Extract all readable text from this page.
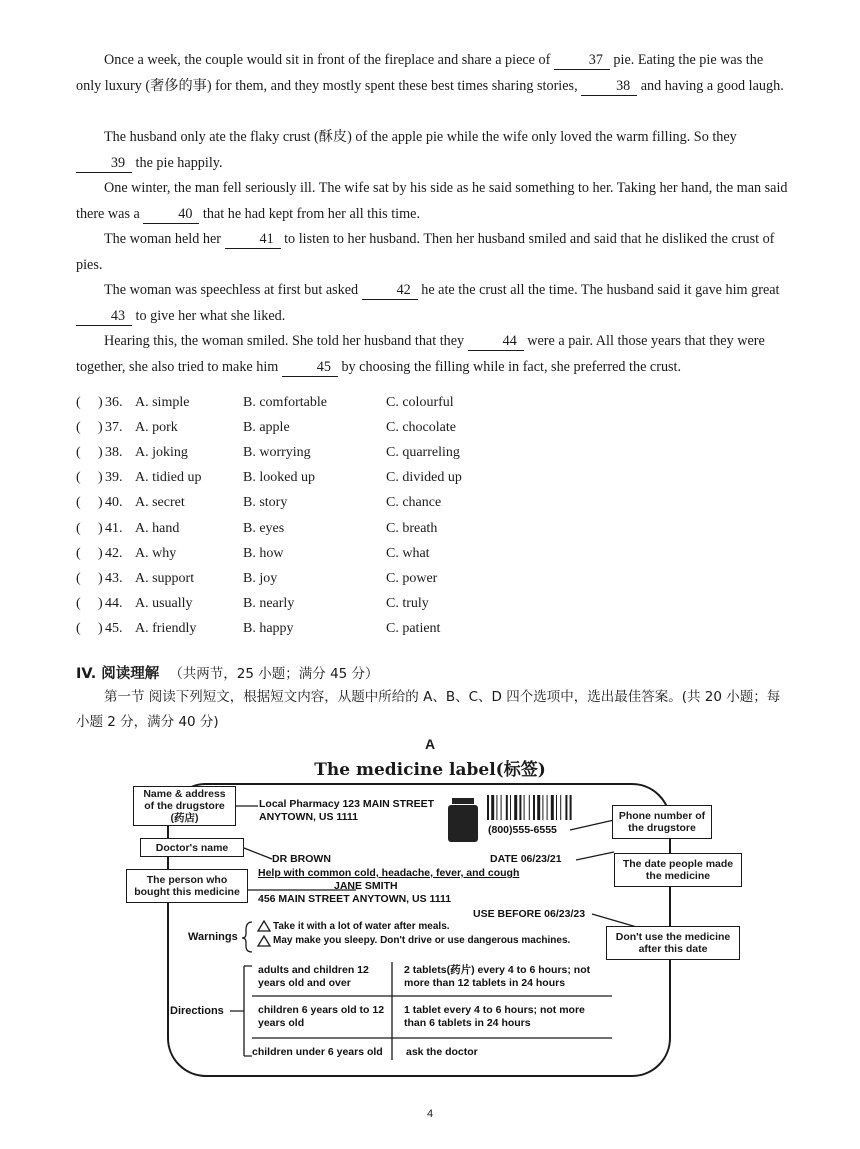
Once a week, the couple would sit in front of the fireplace and share a piece of	37 pie. Eating the pie was the only luxury (奢侈的事) for them, and they mostly spent these best times sharing stories,	38 and having a good laugh.

The husband only ate the flaky crust (酥皮) of the apple pie while the wife only loved the warm filling. So they 39 the pie happily.

One winter, the man fell seriously ill. The wife sat by his side as he said something to her. Taking her hand, the man said there was a	40 that he had kept from her all this time.

The woman held her	41 to listen to her husband. Then her husband smiled and said that he disliked the crust of pies.

The woman was speechless at first but asked	42 he ate the crust all the time. The husband said it gave him great 43 to give her what she liked.

Hearing this, the woman smiled. She told her husband that they	44 were a pair. All those years that they were together, she also tried to make him	45 by choosing the filling while in fact, she preferred the crust.

( ) 36. A. simple	B. comfortable	C. colourful
( ) 37. A. pork	B. apple	C. chocolate
( ) 38. A. joking	B. worrying	C. quarreling
( ) 39. A. tidied up	B. looked up	C. divided up
( ) 40. A. secret	B. story	C. chance
( ) 41. A. hand	B. eyes	C. breath
( ) 42. A. why	B. how	C. what
( ) 43. A. support	B. joy	C. power
( ) 44. A. usually	B. nearly	C. truly
( ) 45. A. friendly	B. happy	C. patient
IV. 阅读理解 （共两节，25 小题；满分 45 分）

第一节 阅读下列短文，根据短文内容，从题中所给的 A、B、C、D 四个选项中，选出最佳答案。(共 20 小题；每小题 2 分，满分 40 分)

A
The medicine label(标签)
Name & address of the drugstore (药店)
Doctor's name
The person who bought this medicine
Phone number of the drugstore
The date people made the medicine
Don't use the medicine after this date
Warnings
Directions
Local Pharmacy 123 MAIN STREET
ANYTOWN, US 1111
(800)555-6555
DR BROWN	DATE 06/23/21
Help with common cold, headache, fever, and cough
JANE SMITH
456 MAIN STREET ANYTOWN, US 1111
USE BEFORE 06/23/23
Take it with a lot of water after meals.
May make you sleepy. Don't drive or use dangerous machines.
adults and children 12 years old and over
2 tablets(药片) every 4 to 6 hours; not more than 12 tablets in 24 hours
children 6 years old to 12 years old
1 tablet every 4 to 6 hours; not more than 6 tablets in 24 hours
children under 6 years old	ask the doctor
4
